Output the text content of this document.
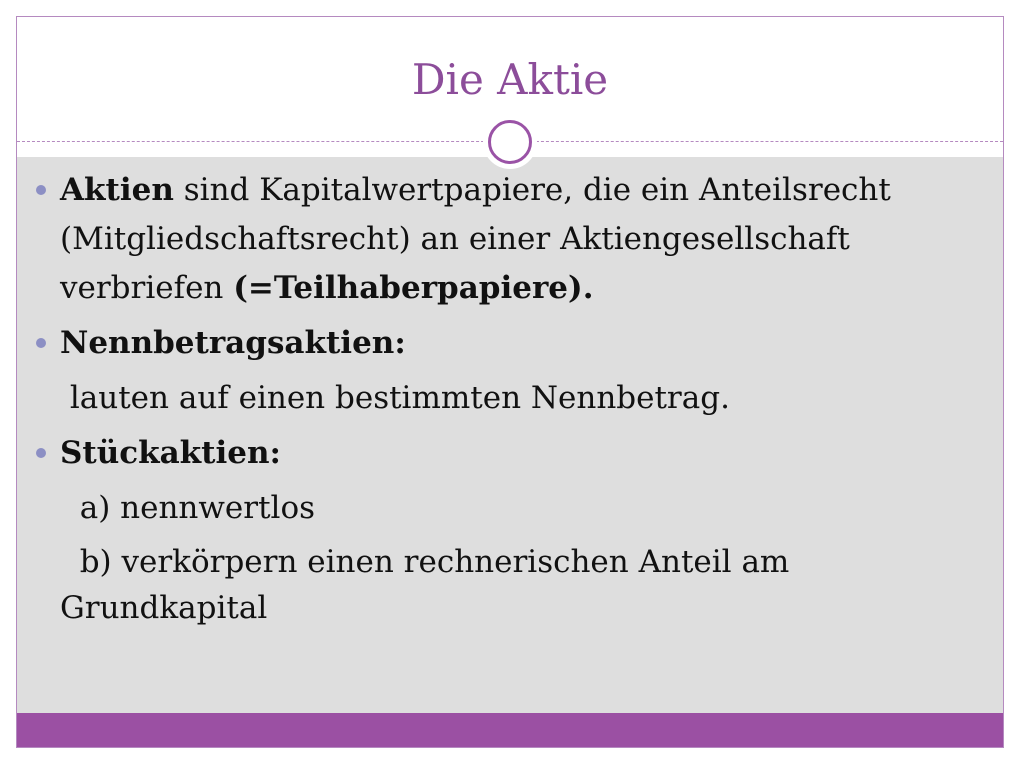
Die Aktie
Aktien sind Kapitalwertpapiere, die ein Anteilsrecht
(Mitgliedschaftsrecht) an einer Aktiengesellschaft
verbriefen (=Teilhaberpapiere).
Nennbetragsaktien:
lauten auf einen bestimmten Nennbetrag.
Stückaktien:
a) nennwertlos
b) verkörpern einen rechnerischen Anteil am
Grundkapital
